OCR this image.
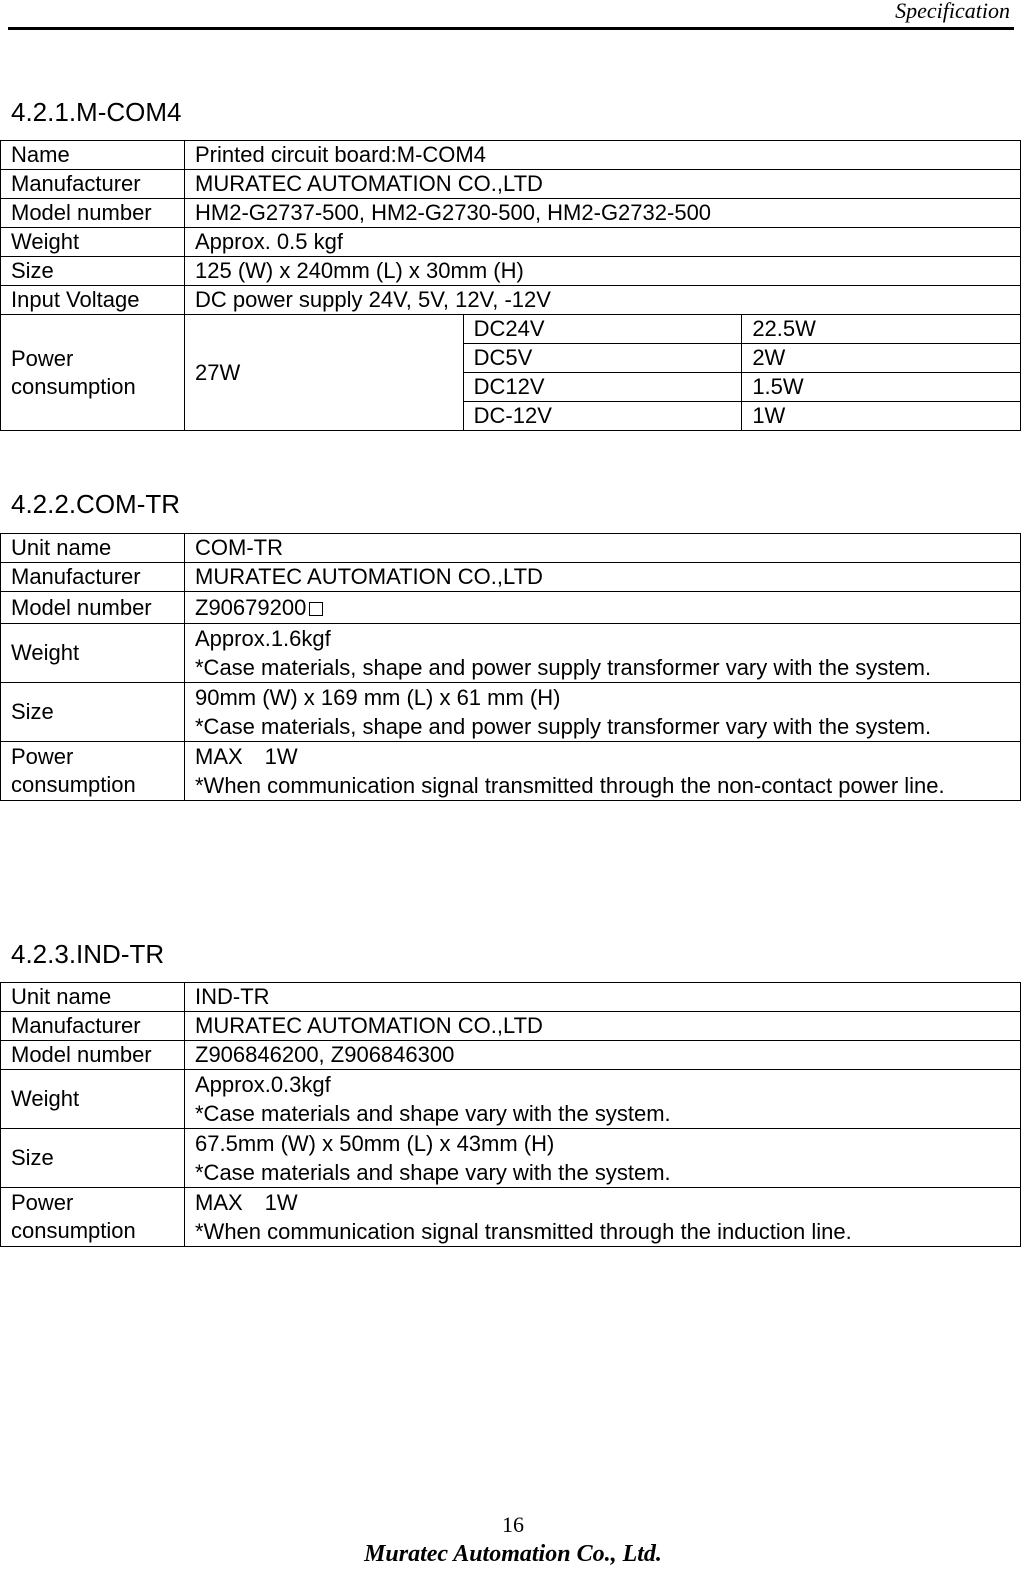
Specification
4.2.1.M-COM4
Name	Printed circuit board:M-COM4		
Manufacturer	MURATEC AUTOMATION CO.,LTD		
Model number	HM2-G2737-500, HM2-G2730-500, HM2-G2732-500		
Weight	Approx. 0.5 kgf		
Size	125 (W) x 240mm (L) x 30mm (H)		
Input Voltage	DC power supply 24V, 5V, 12V, -12V		
Power consumption	27W	DC24V	22.5W
		DC5V	2W
		DC12V	1.5W
		DC-12V	1W
4.2.2.COM-TR
Unit name	COM-TR
Manufacturer	MURATEC AUTOMATION CO.,LTD
Model number	Z90679200
Weight	Approx.1.6kgf
*Case materials, shape and power supply transformer vary with the system.

Size	90mm (W) x 169 mm (L) x 61 mm (H)
*Case materials, shape and power supply transformer vary with the system.

Power consumption	MAX　1W
*When communication signal transmitted through the non-contact power line.
4.2.3.IND-TR
Unit name	IND-TR
Manufacturer	MURATEC AUTOMATION CO.,LTD
Model number	Z906846200, Z906846300
Weight	Approx.0.3kgf
*Case materials and shape vary with the system.

Size	67.5mm (W) x 50mm (L) x 43mm (H)
*Case materials and shape vary with the system.

Power consumption	MAX　1W
*When communication signal transmitted through the induction line.
16
Muratec Automation Co., Ltd.
